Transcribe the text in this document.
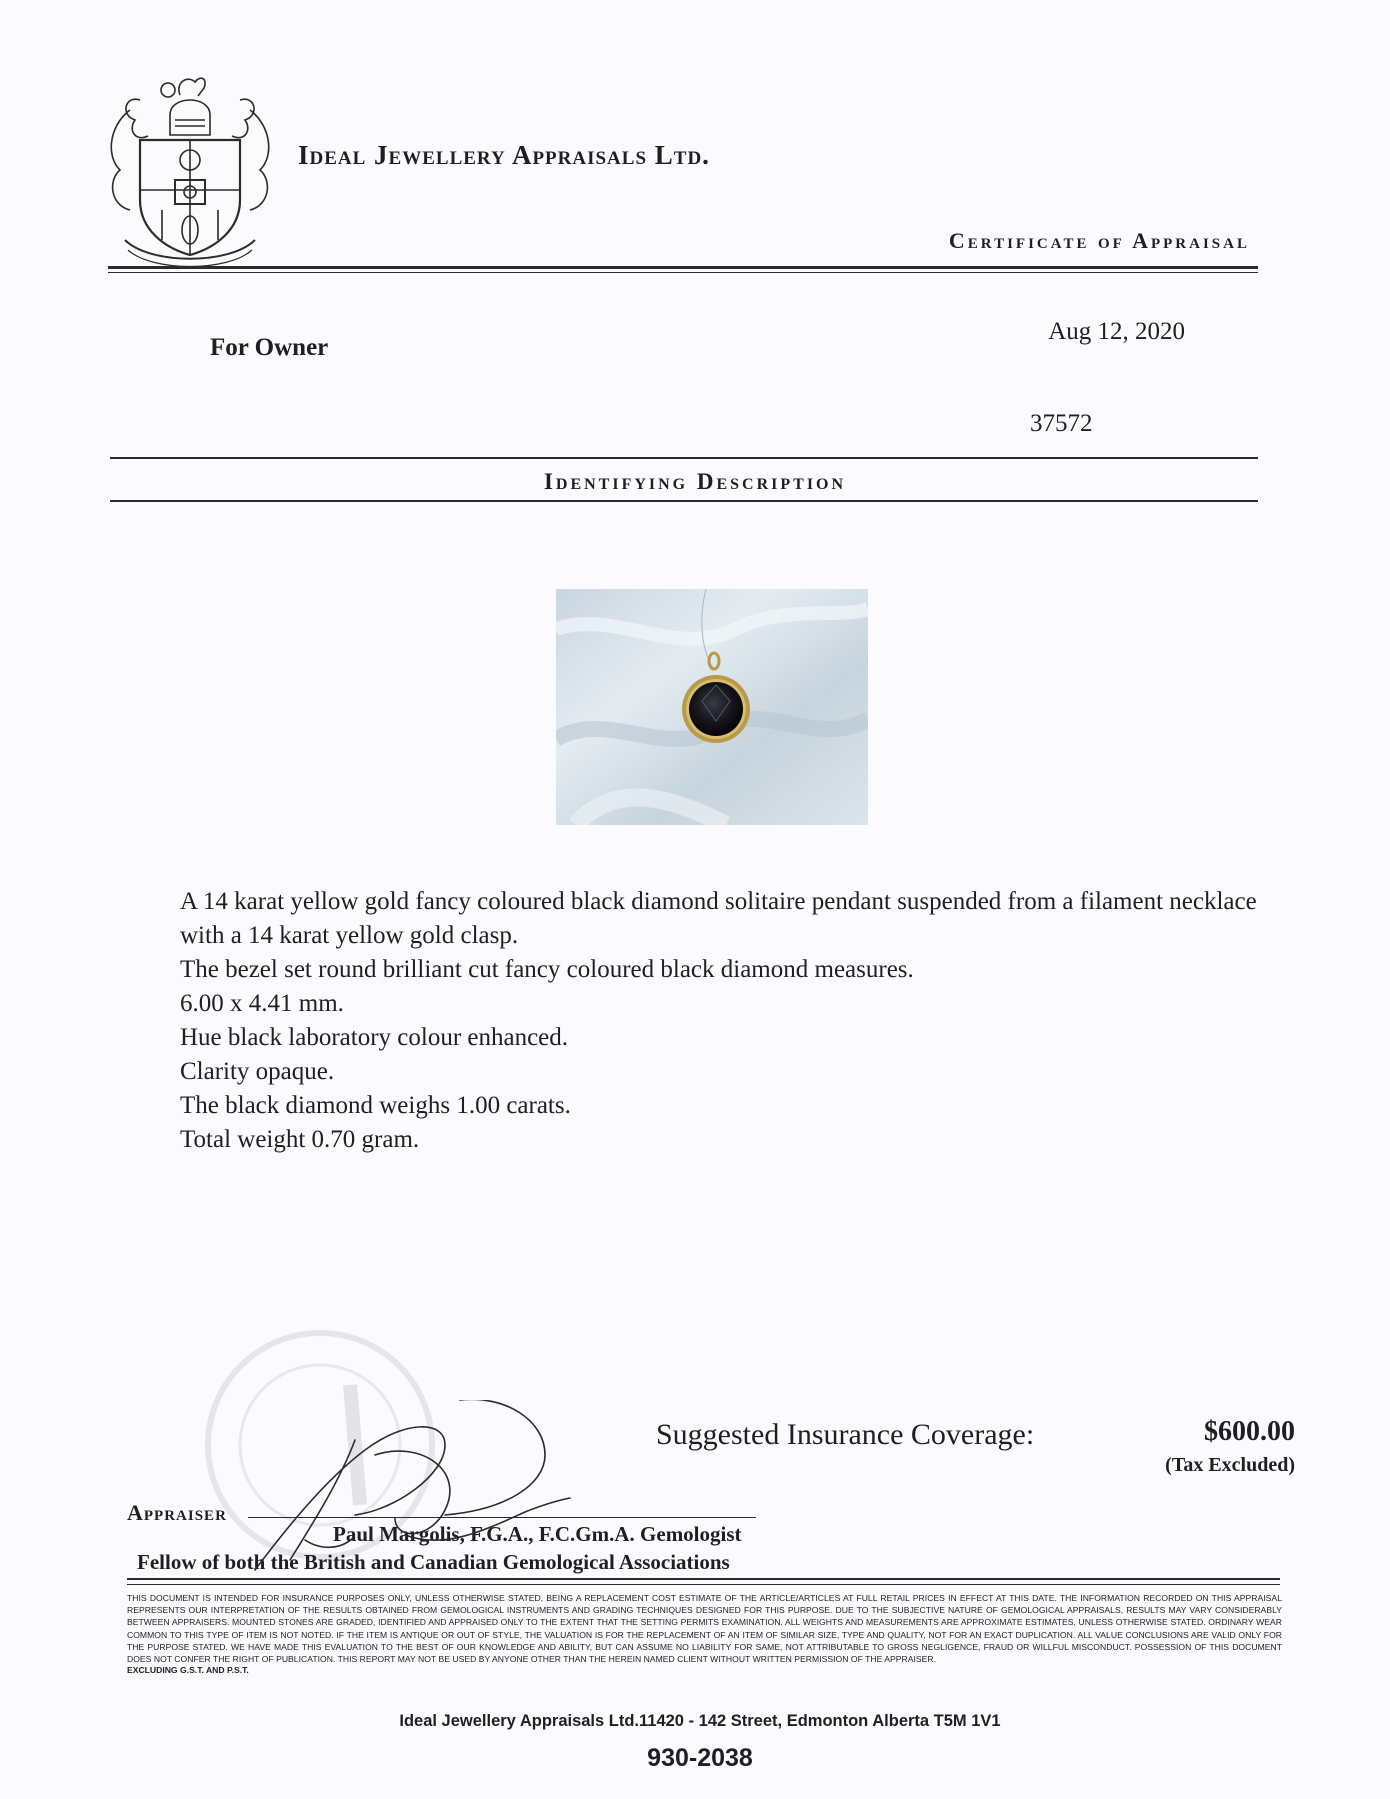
Ideal Jewellery Appraisals Ltd.
Certificate of Appraisal
For Owner
Aug 12, 2020
37572
Identifying Description

A 14 karat yellow gold fancy coloured black diamond solitaire pendant suspended from a filament necklace with a 14 karat yellow gold clasp.

The bezel set round brilliant cut fancy coloured black diamond measures.

6.00 x 4.41 mm.

Hue black laboratory colour enhanced.

Clarity opaque.

The black diamond weighs 1.00 carats.

Total weight 0.70 gram.

Suggested Insurance Coverage:	$600.00
(Tax Excluded)
Appraiser
Paul Margolis, F.G.A., F.C.Gm.A. Gemologist
Fellow of both the British and Canadian Gemological Associations
THIS DOCUMENT IS INTENDED FOR INSURANCE PURPOSES ONLY, UNLESS OTHERWISE STATED, BEING A REPLACEMENT COST ESTIMATE OF THE ARTICLE/ARTICLES AT FULL RETAIL PRICES IN EFFECT AT THIS DATE. THE INFORMATION RECORDED ON THIS APPRAISAL REPRESENTS OUR INTERPRETATION OF THE RESULTS OBTAINED FROM GEMOLOGICAL INSTRUMENTS AND GRADING TECHNIQUES DESIGNED FOR THIS PURPOSE. DUE TO THE SUBJECTIVE NATURE OF GEMOLOGICAL APPRAISALS, RESULTS MAY VARY CONSIDERABLY BETWEEN APPRAISERS. MOUNTED STONES ARE GRADED, IDENTIFIED AND APPRAISED ONLY TO THE EXTENT THAT THE SETTING PERMITS EXAMINATION. ALL WEIGHTS AND MEASUREMENTS ARE APPROXIMATE ESTIMATES, UNLESS OTHERWISE STATED. ORDINARY WEAR COMMON TO THIS TYPE OF ITEM IS NOT NOTED. IF THE ITEM IS ANTIQUE OR OUT OF STYLE, THE VALUATION IS FOR THE REPLACEMENT OF AN ITEM OF SIMILAR SIZE, TYPE AND QUALITY, NOT FOR AN EXACT DUPLICATION. ALL VALUE CONCLUSIONS ARE VALID ONLY FOR THE PURPOSE STATED. WE HAVE MADE THIS EVALUATION TO THE BEST OF OUR KNOWLEDGE AND ABILITY, BUT CAN ASSUME NO LIABILITY FOR SAME, NOT ATTRIBUTABLE TO GROSS NEGLIGENCE, FRAUD OR WILLFUL MISCONDUCT. POSSESSION OF THIS DOCUMENT DOES NOT CONFER THE RIGHT OF PUBLICATION. THIS REPORT MAY NOT BE USED BY ANYONE OTHER THAN THE HEREIN NAMED CLIENT WITHOUT WRITTEN PERMISSION OF THE APPRAISER.
EXCLUDING G.S.T. AND P.S.T.
Ideal Jewellery Appraisals Ltd.11420 - 142 Street, Edmonton Alberta T5M 1V1
930-2038
